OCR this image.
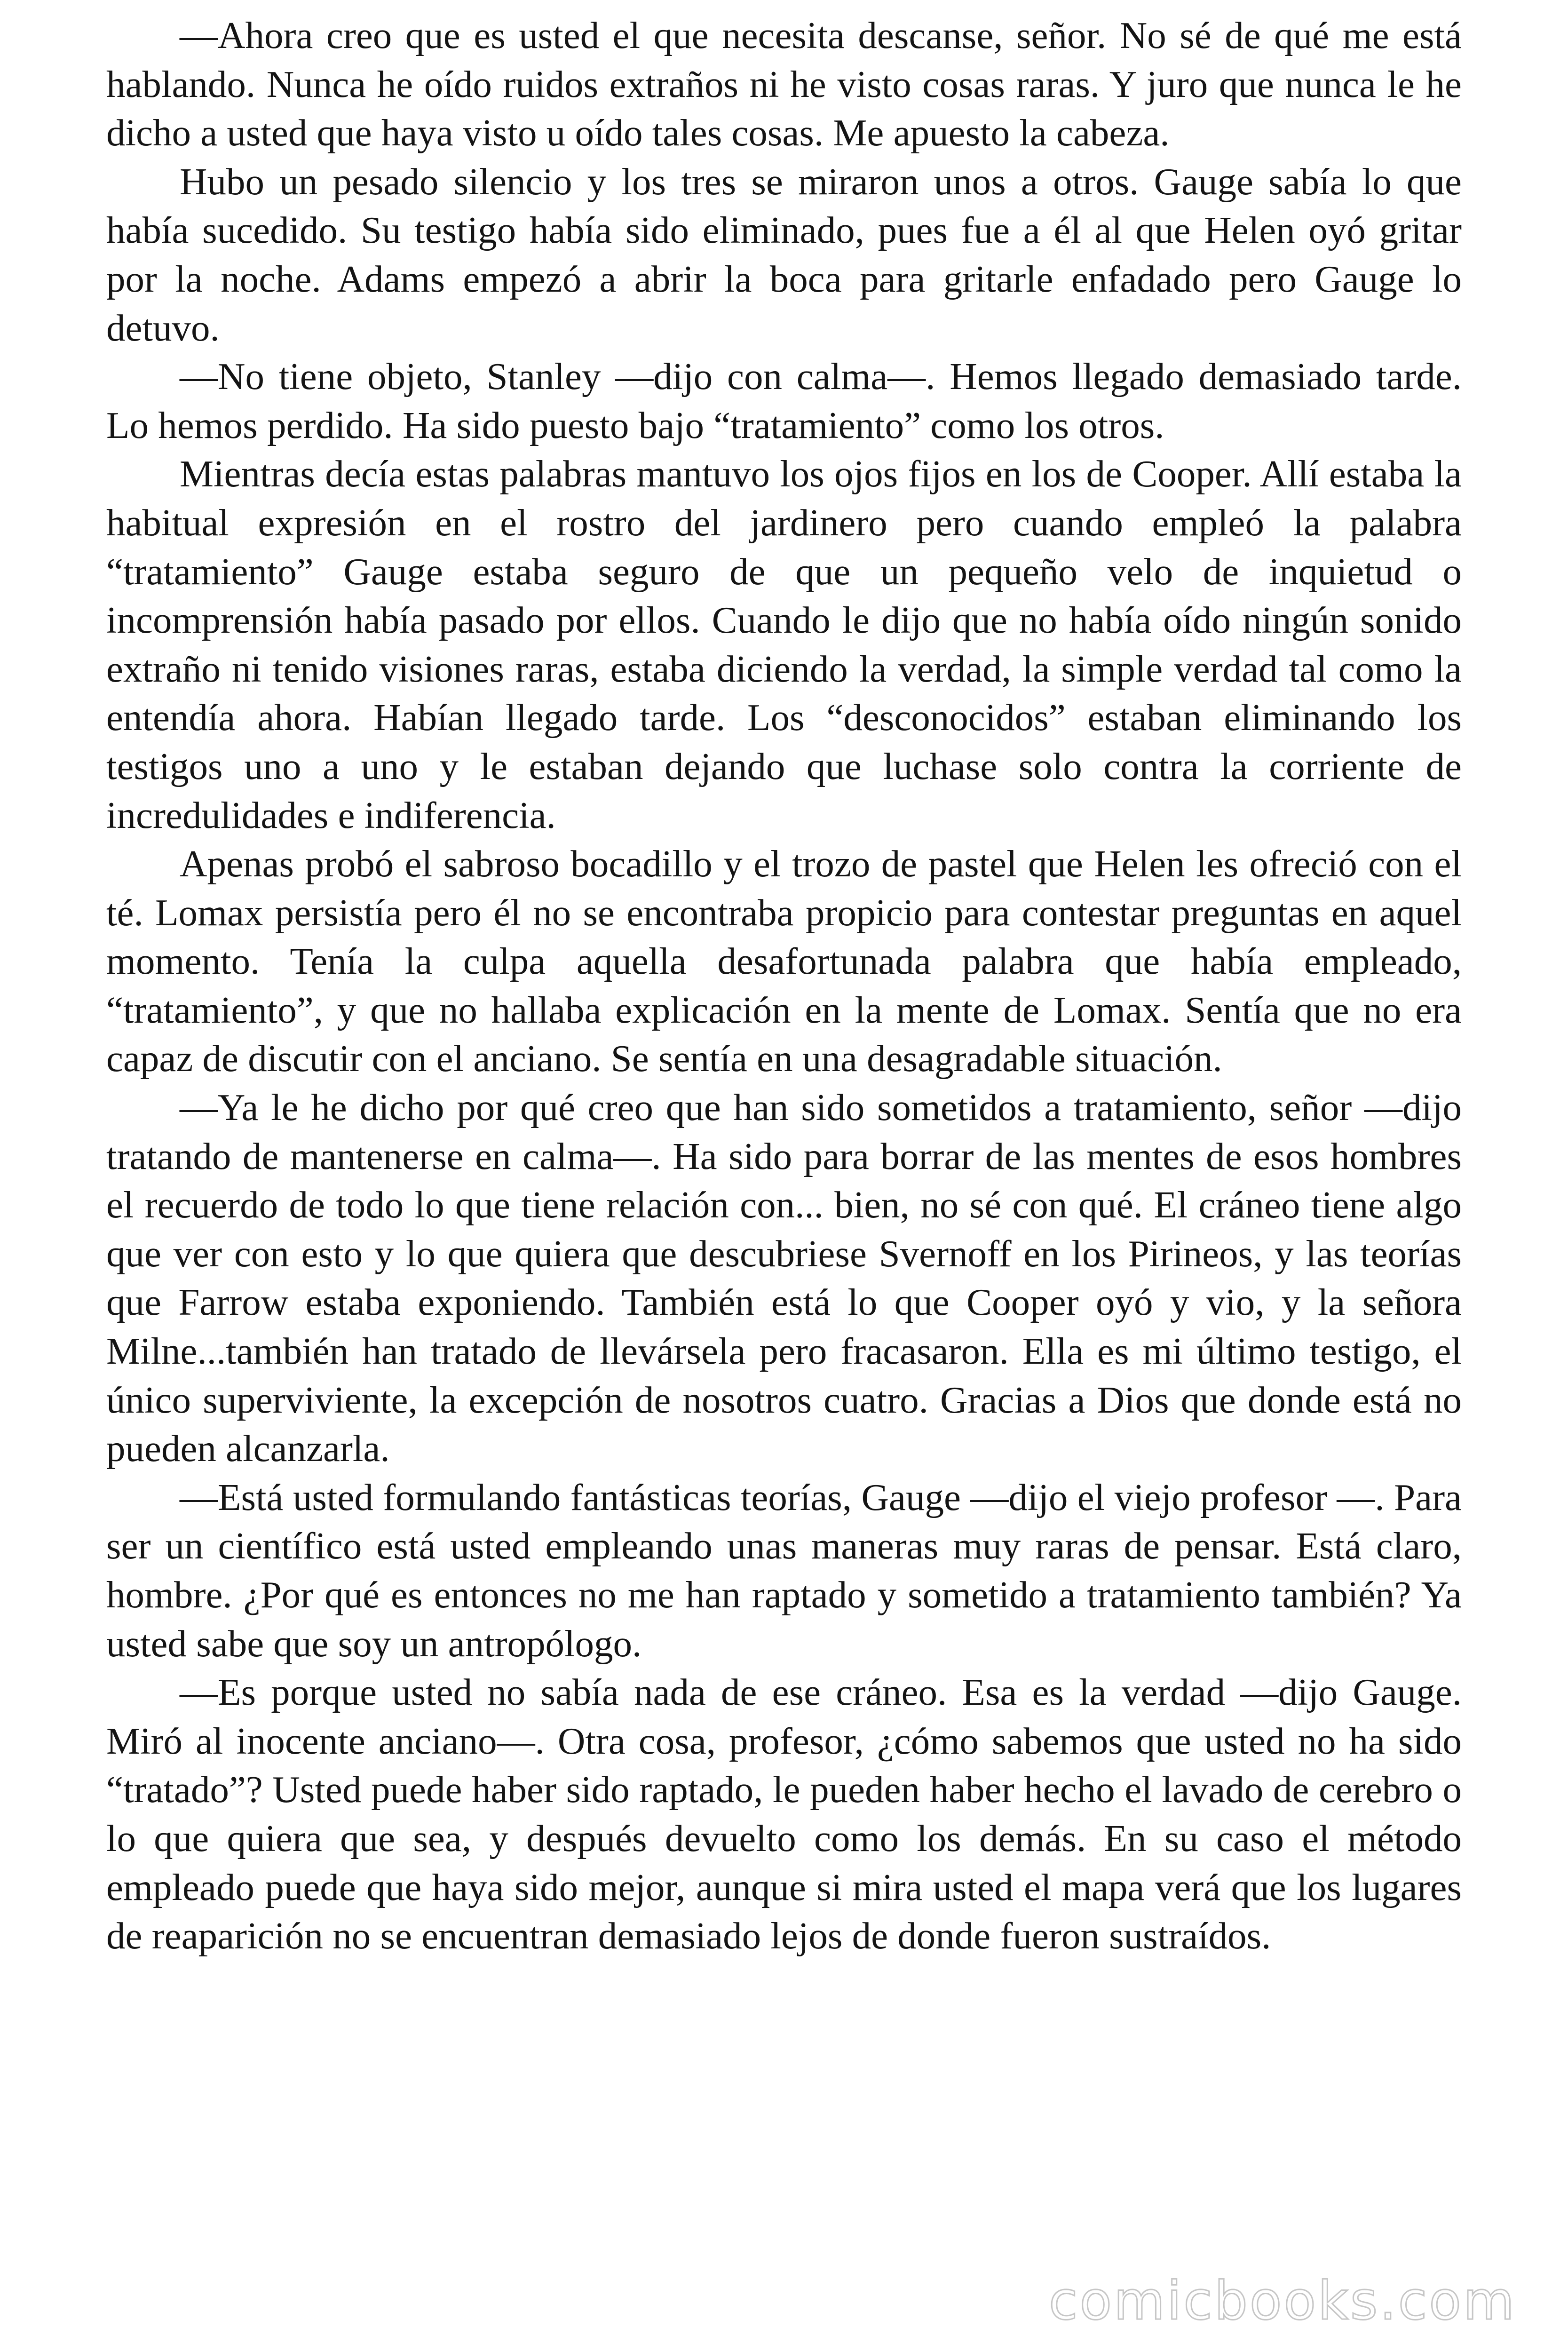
—Ahora creo que es usted el que necesita descanse, señor. No sé de qué me está hablando. Nunca he oído ruidos extraños ni he visto cosas raras. Y juro que nunca le he dicho a usted que haya visto u oído tales cosas. Me apuesto la cabeza.

Hubo un pesado silencio y los tres se miraron unos a otros. Gauge sabía lo que había sucedido. Su testigo había sido eliminado, pues fue a él al que Helen oyó gritar por la noche. Adams empezó a abrir la boca para gritarle enfadado pero Gauge lo detuvo.

—No tiene objeto, Stanley —dijo con calma—. Hemos llegado demasiado tarde. Lo hemos perdido. Ha sido puesto bajo “tratamiento” como los otros.

Mientras decía estas palabras mantuvo los ojos fijos en los de Cooper. Allí estaba la habitual expresión en el rostro del jardinero pero cuando empleó la palabra “tratamiento” Gauge estaba seguro de que un pequeño velo de inquietud o incomprensión había pasado por ellos. Cuando le dijo que no había oído ningún sonido extraño ni tenido visiones raras, estaba diciendo la verdad, la simple verdad tal como la entendía ahora. Habían llegado tarde. Los “desconocidos” estaban eliminando los testigos uno a uno y le estaban dejando que luchase solo contra la corriente de incredulidades e indiferencia.

Apenas probó el sabroso bocadillo y el trozo de pastel que Helen les ofreció con el té. Lomax persistía pero él no se encontraba propicio para contestar preguntas en aquel momento. Tenía la culpa aquella desafortunada palabra que había empleado, “tratamiento”, y que no hallaba explicación en la mente de Lomax. Sentía que no era capaz de discutir con el anciano. Se sentía en una desagradable situación.

—Ya le he dicho por qué creo que han sido sometidos a tratamiento, señor —dijo tratando de mantenerse en calma—. Ha sido para borrar de las mentes de esos hombres el recuerdo de todo lo que tiene relación con... bien, no sé con qué. El cráneo tiene algo que ver con esto y lo que quiera que descubriese Svernoff en los Pirineos, y las teorías que Farrow estaba exponiendo. También está lo que Cooper oyó y vio, y la señora Milne...también han tratado de llevársela pero fracasaron. Ella es mi último testigo, el único superviviente, la excepción de nosotros cuatro. Gracias a Dios que donde está no pueden alcanzarla.

—Está usted formulando fantásticas teorías, Gauge —dijo el viejo profesor —. Para ser un científico está usted empleando unas maneras muy raras de pensar. Está claro, hombre. ¿Por qué es entonces no me han raptado y sometido a tratamiento también? Ya usted sabe que soy un antropólogo.

—Es porque usted no sabía nada de ese cráneo. Esa es la verdad —dijo Gauge. Miró al inocente anciano—. Otra cosa, profesor, ¿cómo sabemos que usted no ha sido “tratado”? Usted puede haber sido raptado, le pueden haber hecho el lavado de cerebro o lo que quiera que sea, y después devuelto como los demás. En su caso el método empleado puede que haya sido mejor, aunque si mira usted el mapa verá que los lugares de reaparición no se encuentran demasiado lejos de donde fueron sustraídos.

comicbooks.com
